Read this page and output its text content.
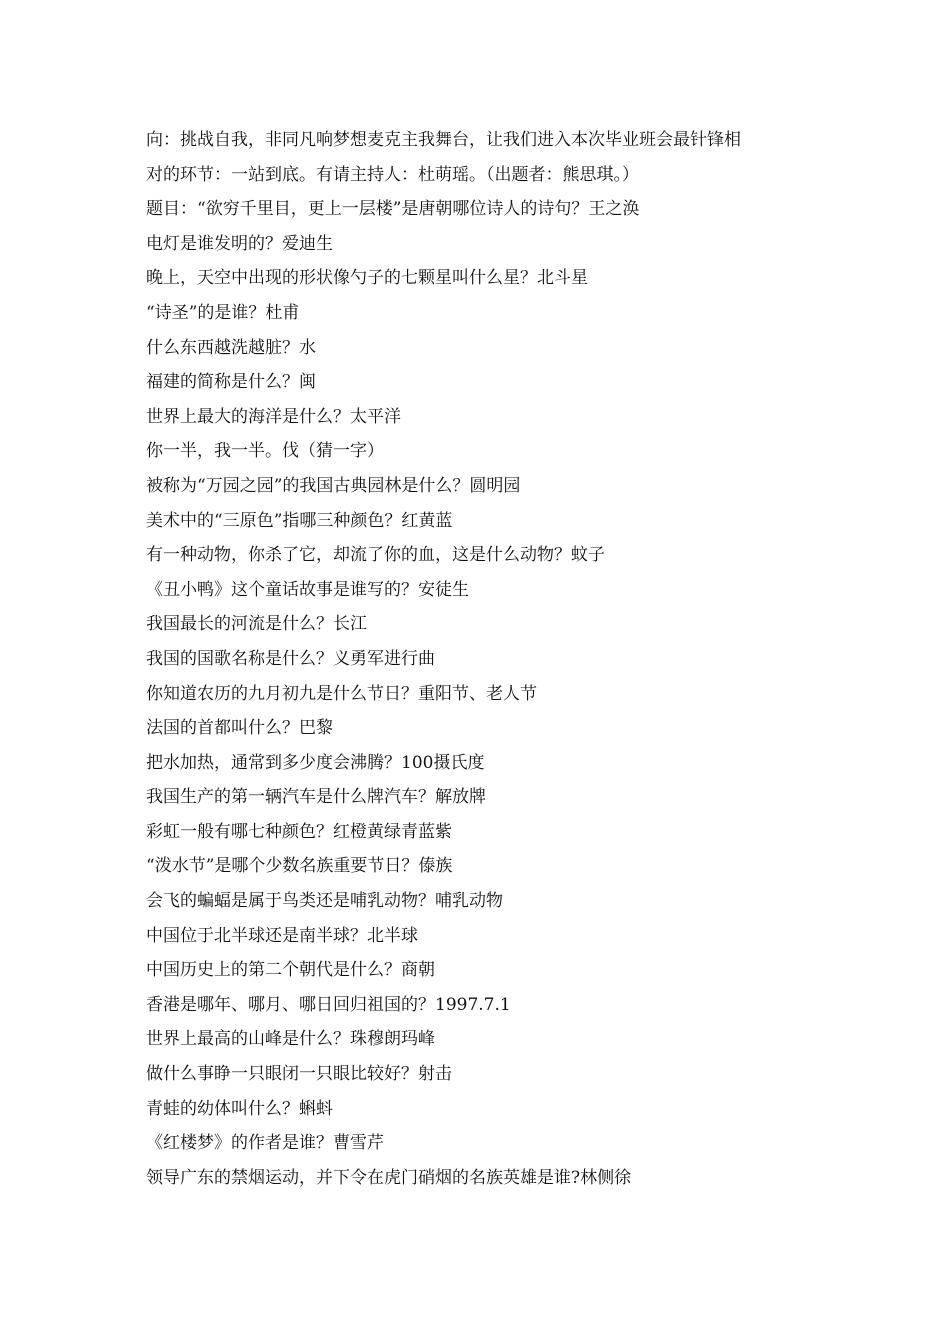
向：挑战自我，非同凡响梦想麦克主我舞台，让我们进入本次毕业班会最针锋相
对的环节：一站到底。有请主持人：杜萌瑶。（出题者：熊思琪。）
题目：“欲穷千里目，更上一层楼”是唐朝哪位诗人的诗句？王之涣
电灯是谁发明的？爱迪生
晚上，天空中出现的形状像勺子的七颗星叫什么星？北斗星
“诗圣”的是谁？杜甫
什么东西越洗越脏？水
福建的简称是什么？闽
世界上最大的海洋是什么？太平洋
你一半，我一半。伐（猜一字）
被称为“万园之园”的我国古典园林是什么？圆明园
美术中的“三原色”指哪三种颜色？红黄蓝
有一种动物，你杀了它，却流了你的血，这是什么动物？蚊子
《丑小鸭》这个童话故事是谁写的？安徒生
我国最长的河流是什么？长江
我国的国歌名称是什么？义勇军进行曲
你知道农历的九月初九是什么节日？重阳节、老人节
法国的首都叫什么？巴黎
把水加热，通常到多少度会沸腾？100摄氏度
我国生产的第一辆汽车是什么牌汽车？解放牌
彩虹一般有哪七种颜色？红橙黄绿青蓝紫
“泼水节”是哪个少数名族重要节日？傣族
会飞的蝙蝠是属于鸟类还是哺乳动物？哺乳动物
中国位于北半球还是南半球？北半球
中国历史上的第二个朝代是什么？商朝
香港是哪年、哪月、哪日回归祖国的？1997.7.1
世界上最高的山峰是什么？珠穆朗玛峰
做什么事睁一只眼闭一只眼比较好？射击
青蛙的幼体叫什么？蝌蚪
《红楼梦》的作者是谁？曹雪芹
领导广东的禁烟运动，并下令在虎门硝烟的名族英雄是谁?林侧徐
